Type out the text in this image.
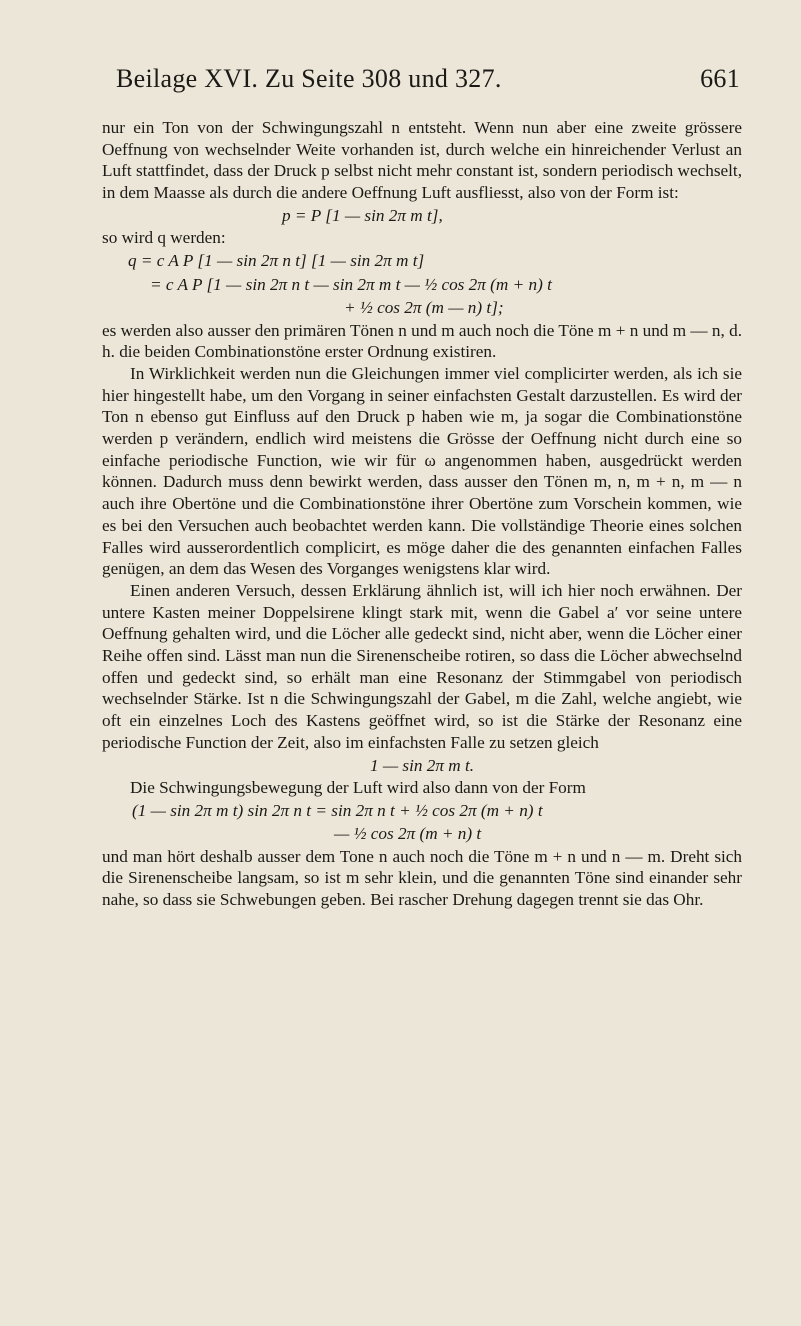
Beilage XVI. Zu Seite 308 und 327.	661

nur ein Ton von der Schwingungszahl n entsteht. Wenn nun aber eine zweite grössere Oeffnung von wechselnder Weite vorhanden ist, durch welche ein hinreichender Verlust an Luft stattfindet, dass der Druck p selbst nicht mehr constant ist, sondern periodisch wechselt, in dem Maasse als durch die andere Oeffnung Luft ausfliesst, also von der Form ist:

p = P [1 — sin 2π m t],

so wird q werden:

q = c A P [1 — sin 2π n t] [1 — sin 2π m t]
= c A P [1 — sin 2π n t — sin 2π m t — ½ cos 2π (m + n) t
+ ½ cos 2π (m — n) t];

es werden also ausser den primären Tönen n und m auch noch die Töne m + n und m — n, d. h. die beiden Combinationstöne erster Ordnung existiren.

In Wirklichkeit werden nun die Gleichungen immer viel complicirter werden, als ich sie hier hingestellt habe, um den Vorgang in seiner einfachsten Gestalt darzustellen. Es wird der Ton n ebenso gut Einfluss auf den Druck p haben wie m, ja sogar die Combinationstöne werden p verändern, endlich wird meistens die Grösse der Oeffnung nicht durch eine so einfache periodische Function, wie wir für ω angenommen haben, ausgedrückt werden können. Dadurch muss denn bewirkt werden, dass ausser den Tönen m, n, m + n, m — n auch ihre Obertöne und die Combinationstöne ihrer Obertöne zum Vorschein kommen, wie es bei den Versuchen auch beobachtet werden kann. Die vollständige Theorie eines solchen Falles wird ausserordentlich complicirt, es möge daher die des genannten einfachen Falles genügen, an dem das Wesen des Vorganges wenigstens klar wird.

Einen anderen Versuch, dessen Erklärung ähnlich ist, will ich hier noch erwähnen. Der untere Kasten meiner Doppelsirene klingt stark mit, wenn die Gabel a′ vor seine untere Oeffnung gehalten wird, und die Löcher alle gedeckt sind, nicht aber, wenn die Löcher einer Reihe offen sind. Lässt man nun die Sirenenscheibe rotiren, so dass die Löcher abwechselnd offen und gedeckt sind, so erhält man eine Resonanz der Stimmgabel von periodisch wechselnder Stärke. Ist n die Schwingungszahl der Gabel, m die Zahl, welche angiebt, wie oft ein einzelnes Loch des Kastens geöffnet wird, so ist die Stärke der Resonanz eine periodische Function der Zeit, also im einfachsten Falle zu setzen gleich

1 — sin 2π m t.

Die Schwingungsbewegung der Luft wird also dann von der Form

(1 — sin 2π m t) sin 2π n t = sin 2π n t + ½ cos 2π (m + n) t
— ½ cos 2π (m + n) t

und man hört deshalb ausser dem Tone n auch noch die Töne m + n und n — m. Dreht sich die Sirenenscheibe langsam, so ist m sehr klein, und die genannten Töne sind einander sehr nahe, so dass sie Schwebungen geben. Bei rascher Drehung dagegen trennt sie das Ohr.
